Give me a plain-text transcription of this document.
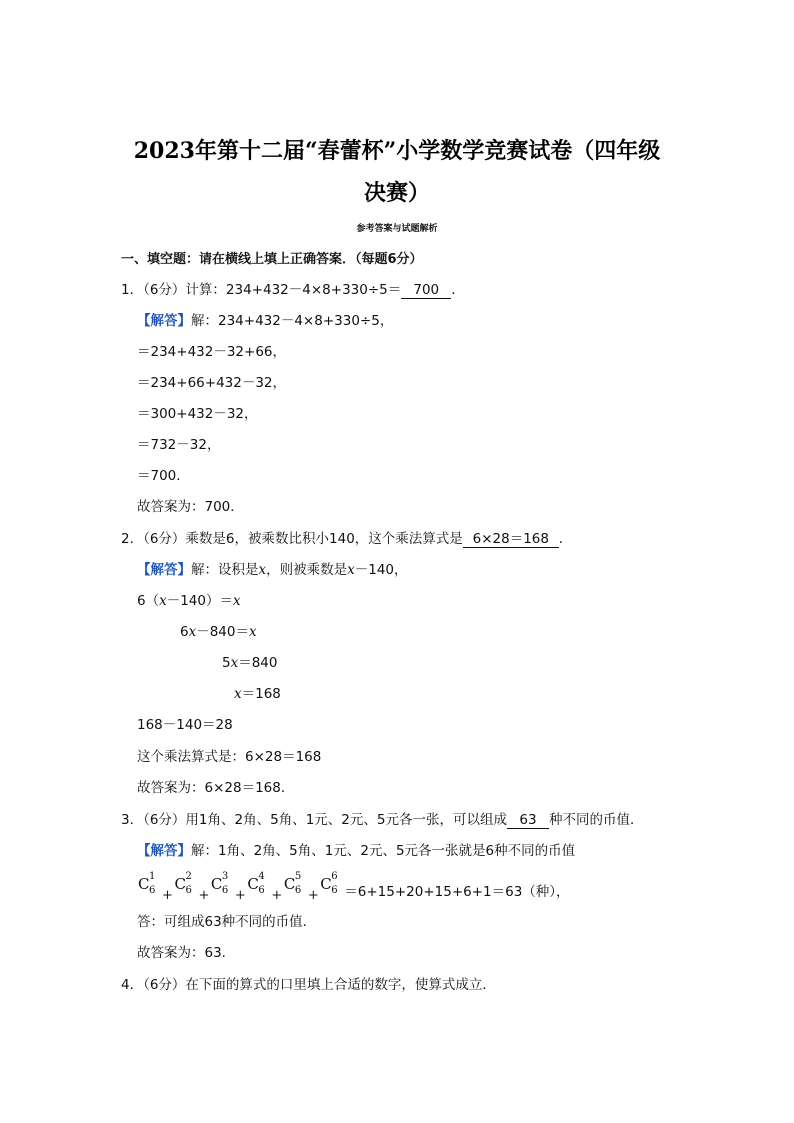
2023年第十二届“春蕾杯”小学数学竞赛试卷（四年级
决赛）
参考答案与试题解析
一、填空题：请在横线上填上正确答案．（每题6分）
1．（6分）计算：234+432－4×8+330÷5＝ 700 ．
【解答】解：234+432－4×8+330÷5，
＝234+432－32+66，
＝234+66+432－32，
＝300+432－32，
＝732－32，
＝700．
故答案为：700．
2．（6分）乘数是6，被乘数比积小140，这个乘法算式是 6×28＝168 ．
【解答】解：设积是x，则被乘数是x－140，
6（x－140）＝x
6x－840＝x
5x＝840
x＝168
168－140＝28
这个乘法算式是：6×28＝168
故答案为：6×28＝168．
3．（6分）用1角、2角、5角、1元、2元、5元各一张，可以组成 63 种不同的币值．
【解答】解：1角、2角、5角、1元、2元、5元各一张就是6种不同的币值
C 1
6 +
C 2
6 +
C 3
6 +
C 4
6 +
C 5
6 +
C 6
6 ＝6+15+20+15+6+1＝63（种），
答：可组成63种不同的币值．
故答案为：63．
4．（6分）在下面的算式的口里填上合适的数字，使算式成立．
